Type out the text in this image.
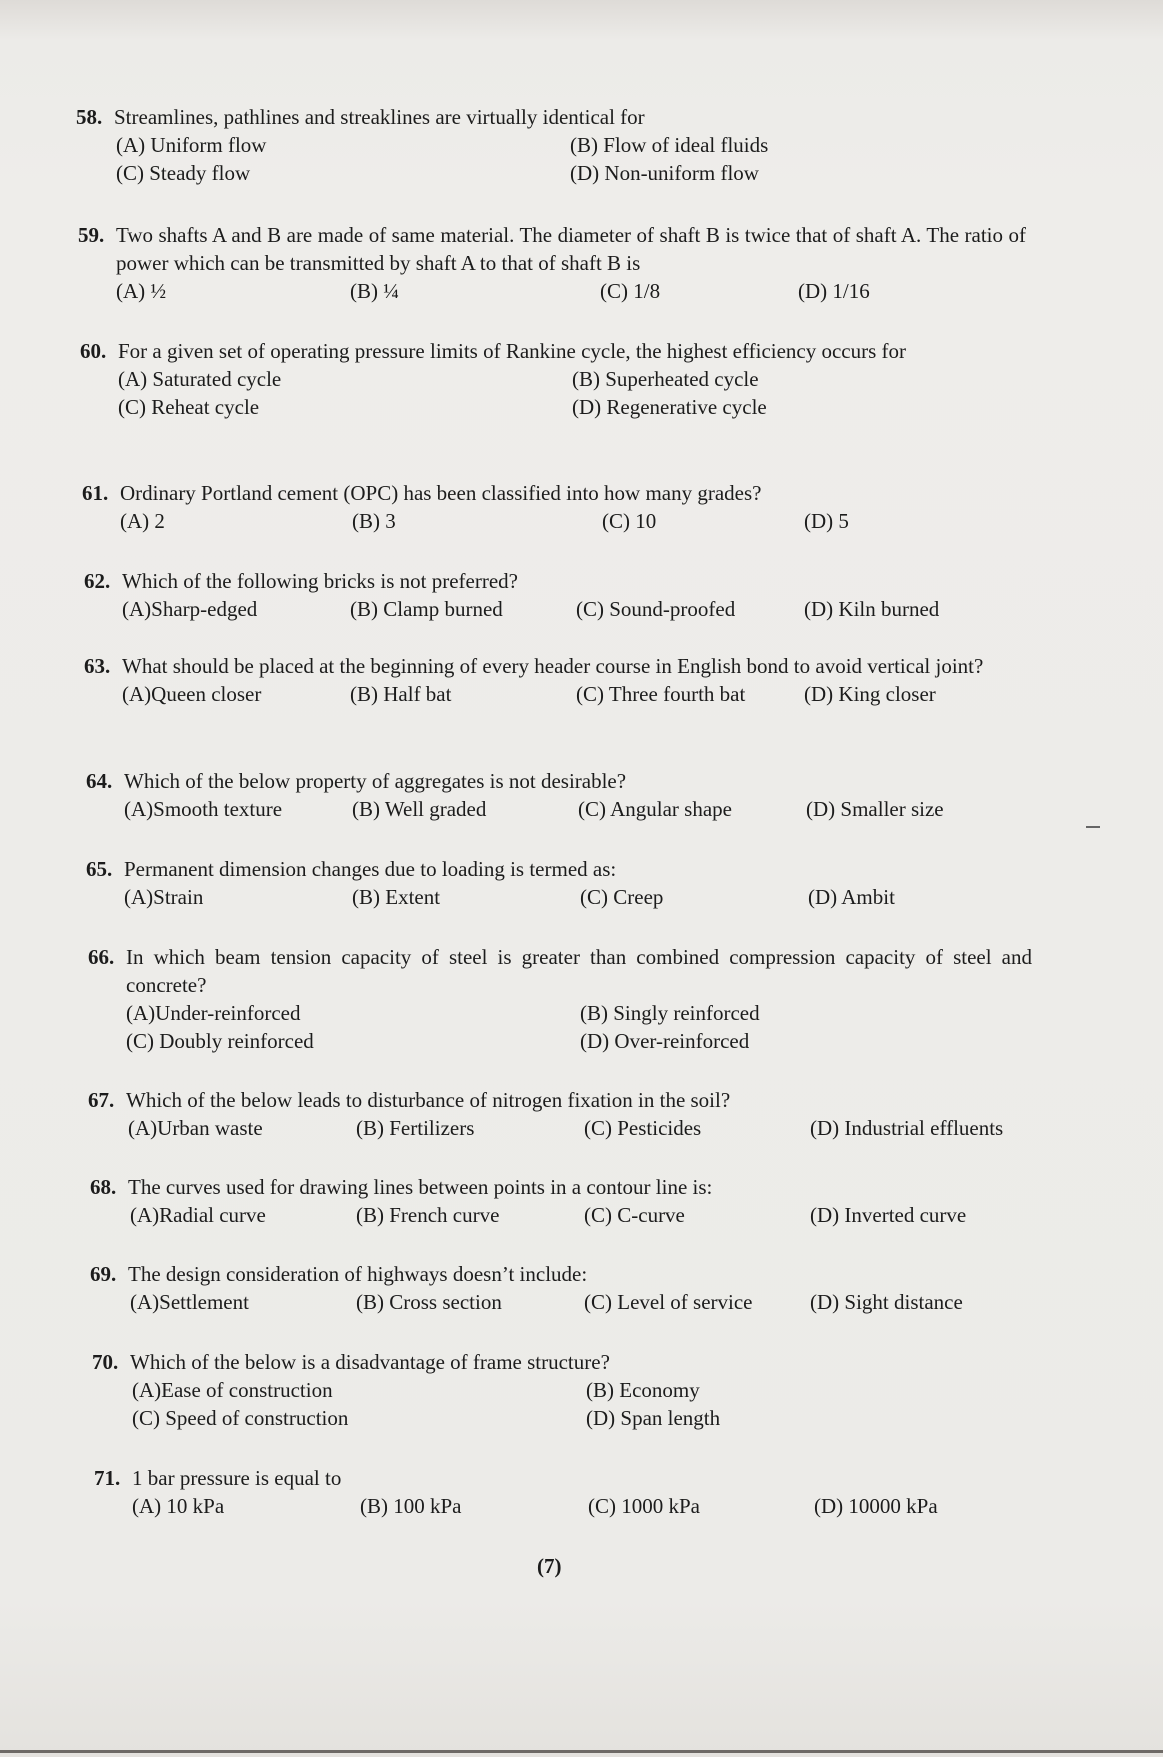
58. Streamlines, pathlines and streaklines are virtually identical for
(A) Uniform flow	(B) Flow of ideal fluids
(C) Steady flow	(D) Non-uniform flow
59. Two shafts A and B are made of same material. The diameter of shaft B is twice that of shaft A. The ratio of power which can be transmitted by shaft A to that of shaft B is
(A) ½	(B) ¼	(C) 1/8	(D) 1/16
60. For a given set of operating pressure limits of Rankine cycle, the highest efficiency occurs for
(A) Saturated cycle	(B) Superheated cycle
(C) Reheat cycle	(D) Regenerative cycle
61. Ordinary Portland cement (OPC) has been classified into how many grades?
(A) 2	(B) 3	(C) 10	(D) 5
62. Which of the following bricks is not preferred?
(A)Sharp-edged	(B) Clamp burned	(C) Sound-proofed	(D) Kiln burned
63. What should be placed at the beginning of every header course in English bond to avoid vertical joint?
(A)Queen closer	(B) Half bat	(C) Three fourth bat	(D) King closer
64. Which of the below property of aggregates is not desirable?
(A)Smooth texture	(B) Well graded	(C) Angular shape	(D) Smaller size
65. Permanent dimension changes due to loading is termed as:
(A)Strain	(B) Extent	(C) Creep	(D) Ambit
66. In which beam tension capacity of steel is greater than combined compression capacity of steel and concrete?
(A)Under-reinforced	(B) Singly reinforced
(C) Doubly reinforced	(D) Over-reinforced
67. Which of the below leads to disturbance of nitrogen fixation in the soil?
(A)Urban waste	(B) Fertilizers	(C) Pesticides	(D) Industrial effluents
68. The curves used for drawing lines between points in a contour line is:
(A)Radial curve	(B) French curve	(C) C-curve	(D) Inverted curve
69. The design consideration of highways doesn’t include:
(A)Settlement	(B) Cross section	(C) Level of service	(D) Sight distance
70. Which of the below is a disadvantage of frame structure?
(A)Ease of construction	(B) Economy
(C) Speed of construction	(D) Span length
71. 1 bar pressure is equal to
(A) 10 kPa	(B) 100 kPa	(C) 1000 kPa	(D) 10000 kPa
(7)
